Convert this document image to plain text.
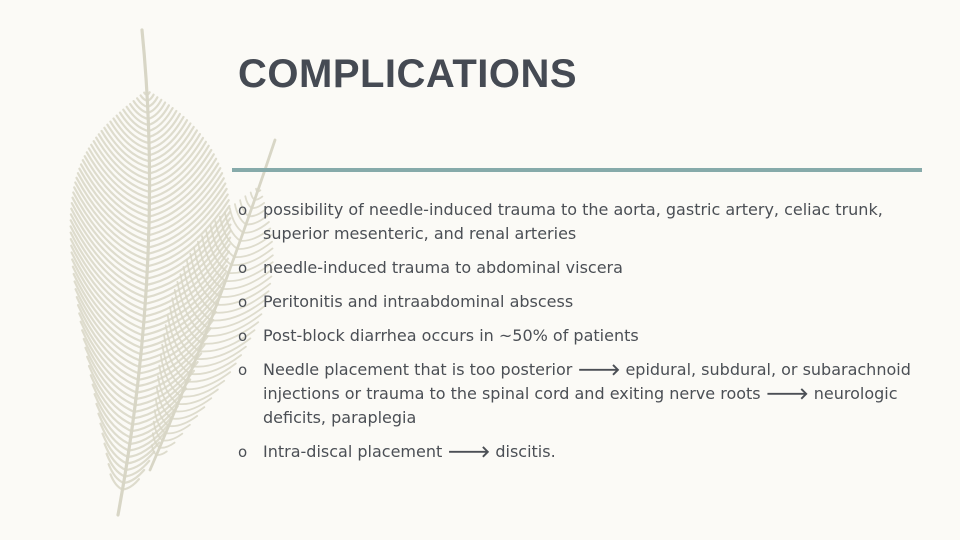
COMPLICATIONS
o possibility of needle-induced trauma to the aorta, gastric artery, celiac trunk, superior mesenteric, and renal arteries
o needle-induced trauma to abdominal viscera
o Peritonitis and intraabdominal abscess
o Post-block diarrhea occurs in ~50% of patients
o Needle placement that is too posterior 🡒 epidural, subdural, or subarachnoid injections or trauma to the spinal cord and exiting nerve roots 🡒 neurologic deficits, paraplegia
o Intra-discal placement 🡒 discitis.
